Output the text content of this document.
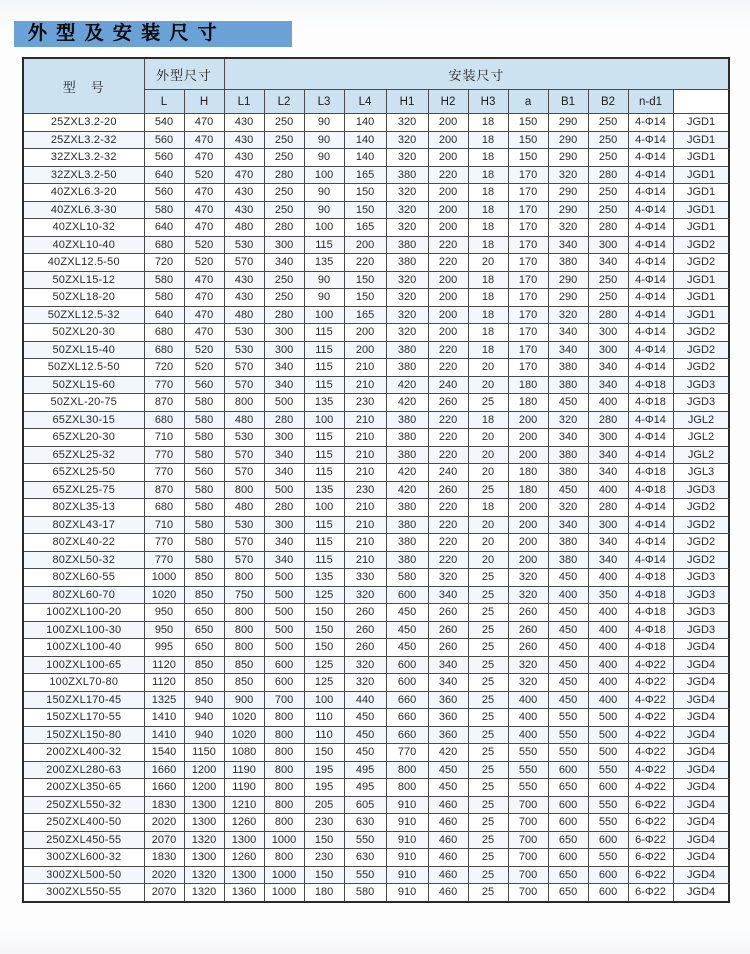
外 型 及 安 装 尺 寸
型　号	外型尺寸		安装尺寸	

	L	H	L1	L2	L3	L4	H1	H2	H3	a	B1	B2	n-d1		
25ZXL3.2-20	540	470	430	250	90	140	320	200	18	150	290	250	4-Φ14	JGD1	
25ZXL3.2-32	560	470	430	250	90	140	320	200	18	150	290	250	4-Φ14	JGD1	
32ZXL3.2-32	560	470	430	250	90	140	320	200	18	150	290	250	4-Φ14	JGD1	
32ZXL3.2-50	640	520	470	280	100	165	380	220	18	170	320	280	4-Φ14	JGD1	
40ZXL6.3-20	560	470	430	250	90	150	320	200	18	170	290	250	4-Φ14	JGD1	
40ZXL6.3-30	580	470	430	250	90	150	320	200	18	170	290	250	4-Φ14	JGD1	
40ZXL10-32	640	470	480	280	100	165	320	200	18	170	320	280	4-Φ14	JGD1	
40ZXL10-40	680	520	530	300	115	200	380	220	18	170	340	300	4-Φ14	JGD2	
40ZXL12.5-50	720	520	570	340	135	220	380	220	20	170	380	340	4-Φ14	JGD2	
50ZXL15-12	580	470	430	250	90	150	320	200	18	170	290	250	4-Φ14	JGD1	
50ZXL18-20	580	470	430	250	90	150	320	200	18	170	290	250	4-Φ14	JGD1	
50ZXL12.5-32	640	470	480	280	100	165	320	200	18	170	320	280	4-Φ14	JGD1	
50ZXL20-30	680	470	530	300	115	200	320	200	18	170	340	300	4-Φ14	JGD2	
50ZXL15-40	680	520	530	300	115	200	380	220	18	170	340	300	4-Φ14	JGD2	
50ZXL12.5-50	720	520	570	340	115	210	380	220	20	170	380	340	4-Φ14	JGD2	
50ZXL15-60	770	560	570	340	115	210	420	240	20	180	380	340	4-Φ18	JGD3	
50ZXL-20-75	870	580	800	500	135	230	420	260	25	180	450	400	4-Φ18	JGD3	
65ZXL30-15	680	580	480	280	100	210	380	220	18	200	320	280	4-Φ14	JGL2	
65ZXL20-30	710	580	530	300	115	210	380	220	20	200	340	300	4-Φ14	JGL2	
65ZXL25-32	770	580	570	340	115	210	380	220	20	200	380	340	4-Φ14	JGL2	
65ZXL25-50	770	560	570	340	115	210	420	240	20	180	380	340	4-Φ18	JGL3	
65ZXL25-75	870	580	800	500	135	230	420	260	25	180	450	400	4-Φ18	JGD3	
80ZXL35-13	680	580	480	280	100	210	380	220	18	200	320	280	4-Φ14	JGD2	
80ZXL43-17	710	580	530	300	115	210	380	220	20	200	340	300	4-Φ14	JGD2	
80ZXL40-22	770	580	570	340	115	210	380	220	20	200	380	340	4-Φ14	JGD2	
80ZXL50-32	770	580	570	340	115	210	380	220	20	200	380	340	4-Φ14	JGD2	
80ZXL60-55	1000	850	800	500	135	330	580	320	25	320	450	400	4-Φ18	JGD3	
80ZXL60-70	1020	850	750	500	125	320	600	340	25	320	400	350	4-Φ18	JGD3	
100ZXL100-20	950	650	800	500	150	260	450	260	25	260	450	400	4-Φ18	JGD3	
100ZXL100-30	950	650	800	500	150	260	450	260	25	260	450	400	4-Φ18	JGD3	
100ZXL100-40	995	650	800	500	150	260	450	260	25	260	450	400	4-Φ18	JGD4	
100ZXL100-65	1120	850	850	600	125	320	600	340	25	320	450	400	4-Φ22	JGD4	
100ZXL70-80	1120	850	850	600	125	320	600	340	25	320	450	400	4-Φ22	JGD4	
150ZXL170-45	1325	940	900	700	100	440	660	360	25	400	450	400	4-Φ22	JGD4	
150ZXL170-55	1410	940	1020	800	110	450	660	360	25	400	550	500	4-Φ22	JGD4	
150ZXL150-80	1410	940	1020	800	110	450	660	360	25	400	550	500	4-Φ22	JGD4	
200ZXL400-32	1540	1150	1080	800	150	450	770	420	25	550	550	500	4-Φ22	JGD4	
200ZXL280-63	1660	1200	1190	800	195	495	800	450	25	550	600	550	4-Φ22	JGD4	
200ZXL350-65	1660	1200	1190	800	195	495	800	450	25	550	650	600	4-Φ22	JGD4	
250ZXL550-32	1830	1300	1210	800	205	605	910	460	25	700	600	550	6-Φ22	JGD4	
250ZXL400-50	2020	1300	1260	800	230	630	910	460	25	700	600	550	6-Φ22	JGD4	
250ZXL450-55	2070	1320	1300	1000	150	550	910	460	25	700	650	600	6-Φ22	JGD4	
300ZXL600-32	1830	1300	1260	800	230	630	910	460	25	700	600	550	6-Φ22	JGD4	
300ZXL500-50	2020	1320	1300	1000	150	550	910	460	25	700	650	600	6-Φ22	JGD4	
300ZXL550-55	2070	1320	1360	1000	180	580	910	460	25	700	650	600	6-Φ22	JGD4	
